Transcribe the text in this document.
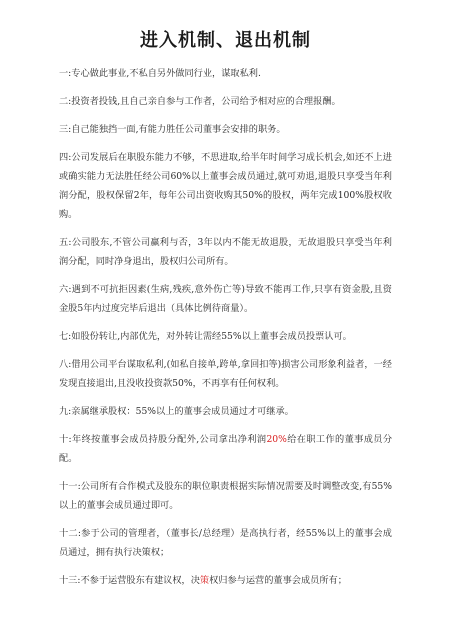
进入机制、退出机制

一:专心做此事业,不私自另外做同行业，谋取私利.

二:投资者投钱,且自己亲自参与工作者，公司给予相对应的合理报酬。

三:自己能独挡一面,有能力胜任公司董事会安排的职务。

四:公司发展后在职股东能力不够，不思进取,给半年时间学习成长机会,如还不上进或确实能力无法胜任经公司60%以上董事会成员通过,就可劝退,退股只享受当年利润分配，股权保留2年，每年公司出资收购其50%的股权，两年完成100%股权收购。

五:公司股东,不管公司赢利与否，3年以内不能无故退股，无故退股只享受当年利润分配，同时净身退出，股权归公司所有。

六:遇到不可抗拒因素(生病,残疾,意外伤亡等)导致不能再工作,只享有资金股,且资金股5年内过度完毕后退出（具体比例待商量）。

七:如股份转让,内部优先，对外转让需经55%以上董事会成员投票认可。

八:借用公司平台谋取私利,(如私自接单,跨单,拿回扣等)损害公司形象利益者，一经发现直接退出,且没收投资款50%，不再享有任何权利。

九:亲属继承股权：55%以上的董事会成员通过才可继承。

十:年终按董事会成员持股分配外,公司拿出净利润20%给在职工作的董事成员分配。

十一:公司所有合作模式及股东的职位职责根据实际情况需要及时调整改变,有55%以上的董事会成员通过即可。

十二:参于公司的管理者，（董事长/总经理）是高执行者，经55%以上的董事会成员通过，拥有执行决策权；

十三:不参于运营股东有建议权，决策权归参与运营的董事会成员所有；
